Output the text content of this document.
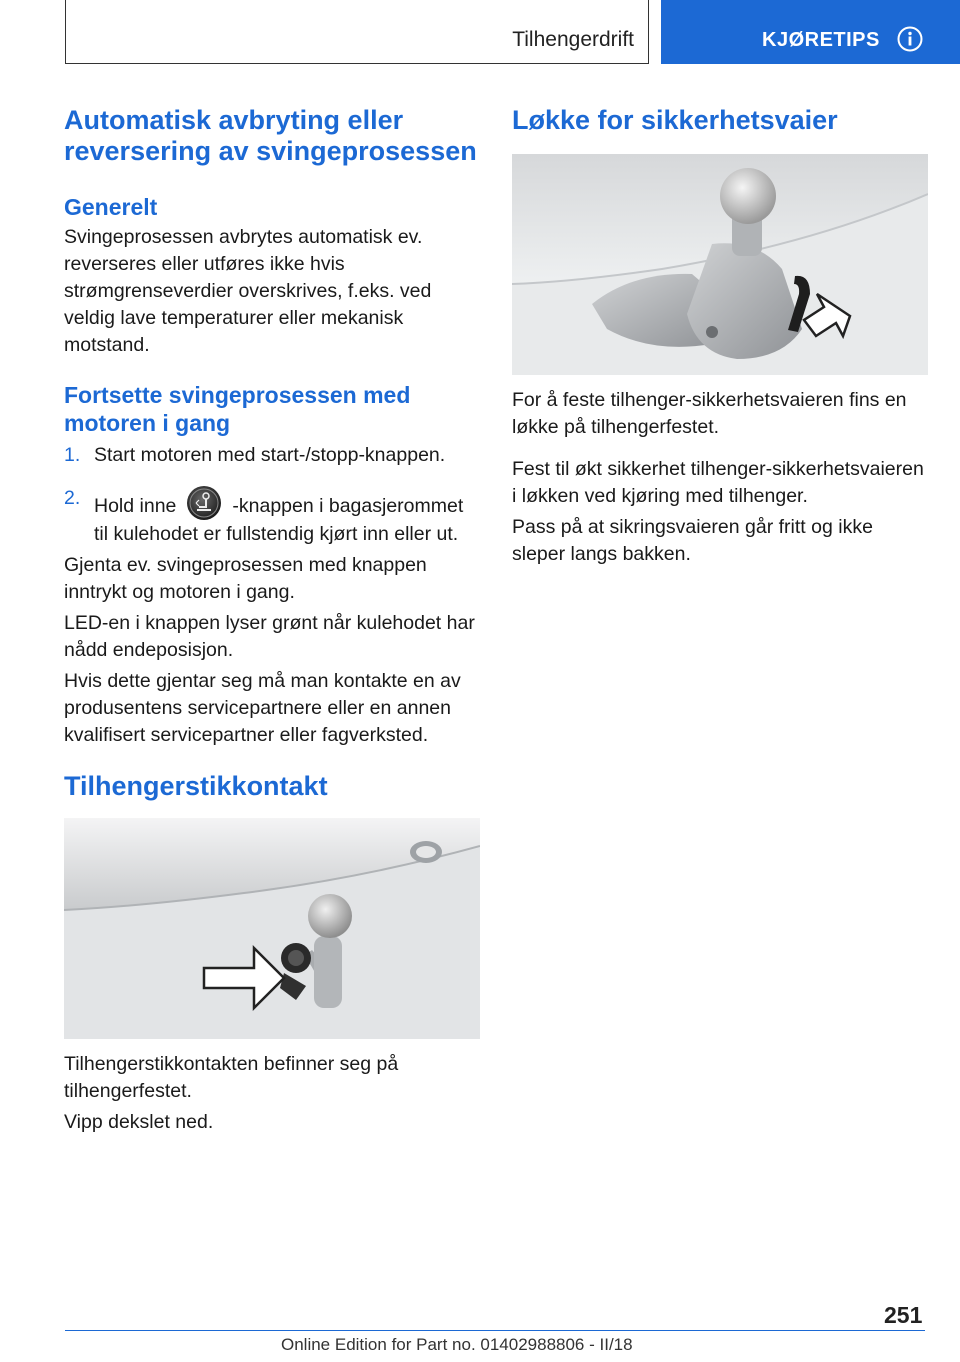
Tilhengerdrift	KJØRETIPS
Automatisk avbryting eller reversering av svingeprosessen
Generelt

Svingeprosessen avbrytes automatisk ev. reverseres eller utføres ikke hvis strømgrenseverdier overskrives, f.eks. ved veldig lave temperaturer eller mekanisk motstand.

Fortsette svingeprosessen med motoren i gang
1. Start motoren med start-/stopp-knappen.
2. Hold inne	-knappen i bagasjerommet til kulehodet er fullstendig kjørt inn eller ut.

Gjenta ev. svingeprosessen med knappen inntrykt og motoren i gang.

LED-en i knappen lyser grønt når kulehodet har nådd endeposisjon.

Hvis dette gjentar seg må man kontakte en av produsentens servicepartnere eller en annen kvalifisert servicepartner eller fagverksted.

Tilhengerstikkontakt

Tilhengerstikkontakten befinner seg på tilhengerfestet.

Vipp dekslet ned.

Løkke for sikkerhetsvaier

For å feste tilhenger-sikkerhetsvaieren fins en løkke på tilhengerfestet.

Fest til økt sikkerhet tilhenger-sikkerhetsvaieren i løkken ved kjøring med tilhenger.

Pass på at sikringsvaieren går fritt og ikke sleper langs bakken.

251
Online Edition for Part no. 01402988806 - II/18
